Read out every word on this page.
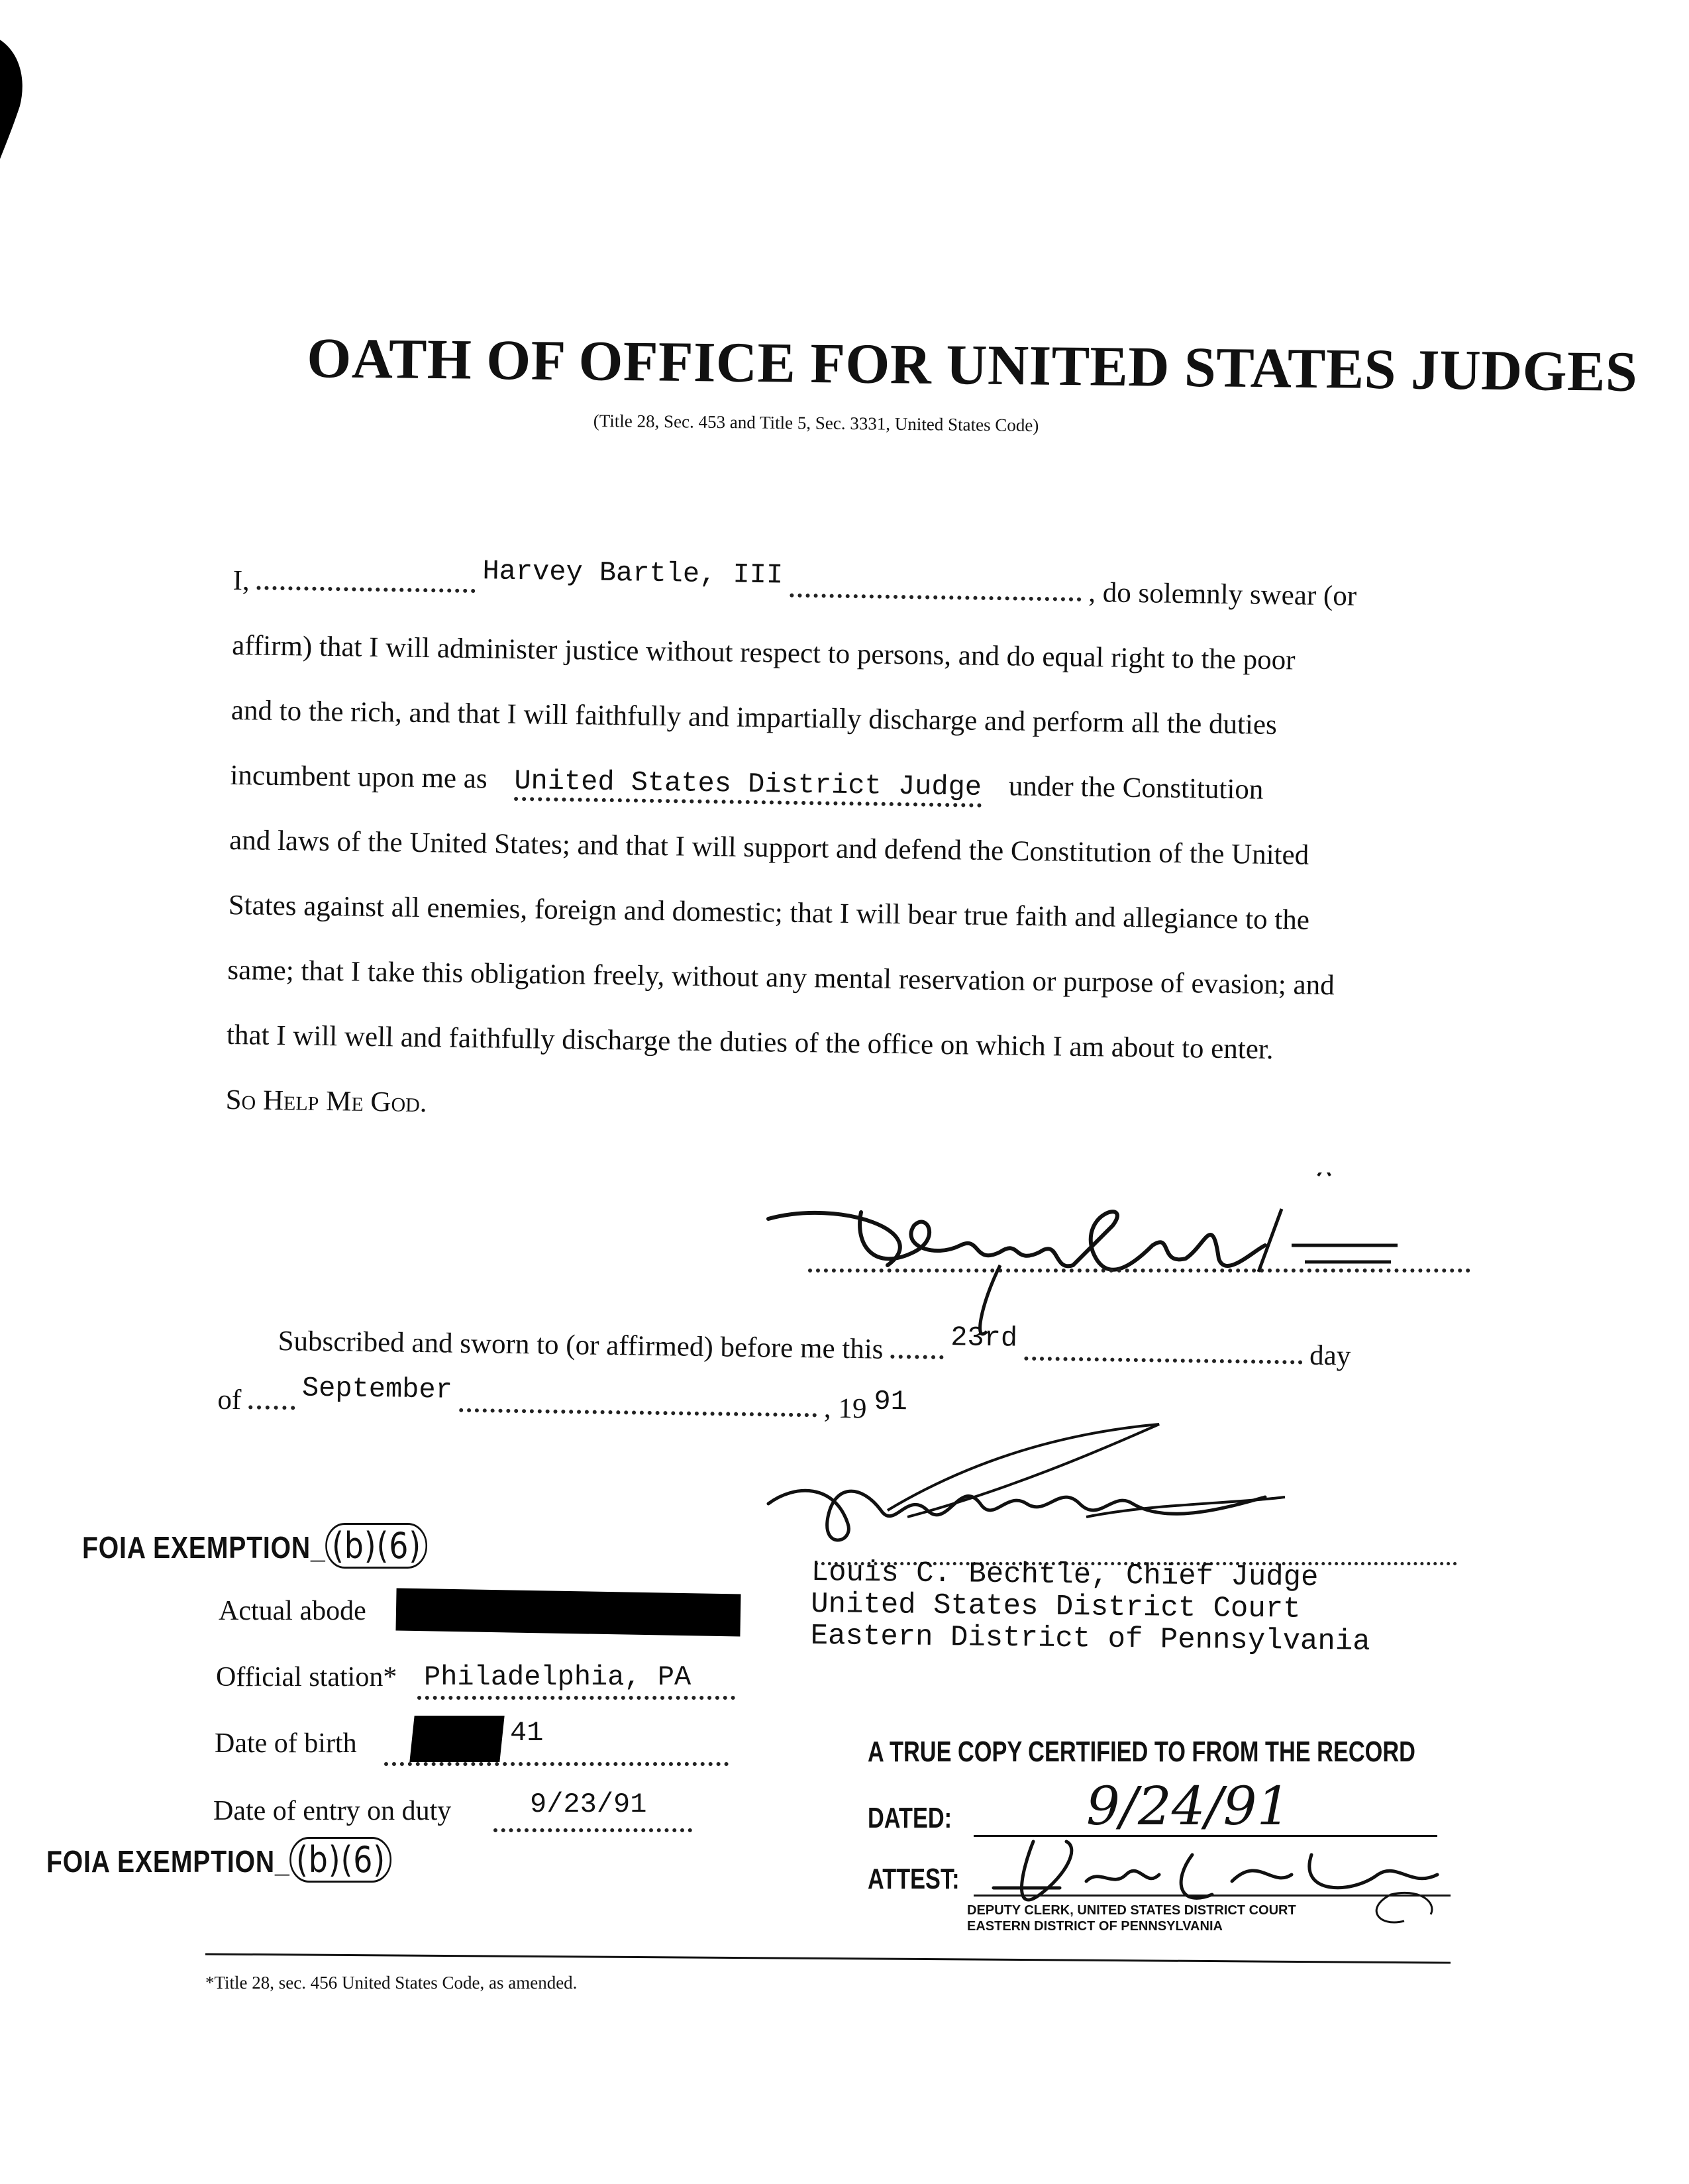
OATH OF OFFICE FOR UNITED STATES JUDGES
(Title 28, Sec. 453 and Title 5, Sec. 3331, United States Code)
I,	Harvey Bartle, III  , do solemnly swear (or
affirm) that I will administer justice without respect to persons, and do equal right to the poor
and to the rich, and that I will faithfully and impartially discharge and perform all the duties
incumbent upon me as United States District Judge under the Constitution
and laws of the United States; and that I will support and defend the Constitution of the United
States against all enemies, foreign and domestic; that I will bear true faith and allegiance to the
same; that I take this obligation freely, without any mental reservation or purpose of evasion; and
that I will well and faithfully discharge the duties of the office on which I am about to enter.
So Help Me God.
Subscribed and sworn to (or affirmed) before me this 23rd  day
of September  , 19 91
Louis C. Bechtle, Chief Judge
United States District Court
Eastern District of Pennsylvania
FOIA EXEMPTION_ (b)(6)
Actual abode
Official station* Philadelphia, PA
Date of birth	41
Date of entry on duty	9/23/91
FOIA EXEMPTION_ (b)(6)
A TRUE COPY CERTIFIED TO FROM THE RECORD
DATED:	9/24/91
ATTEST:
DEPUTY CLERK, UNITED STATES DISTRICT COURT
EASTERN DISTRICT OF PENNSYLVANIA
*Title 28, sec. 456 United States Code, as amended.
